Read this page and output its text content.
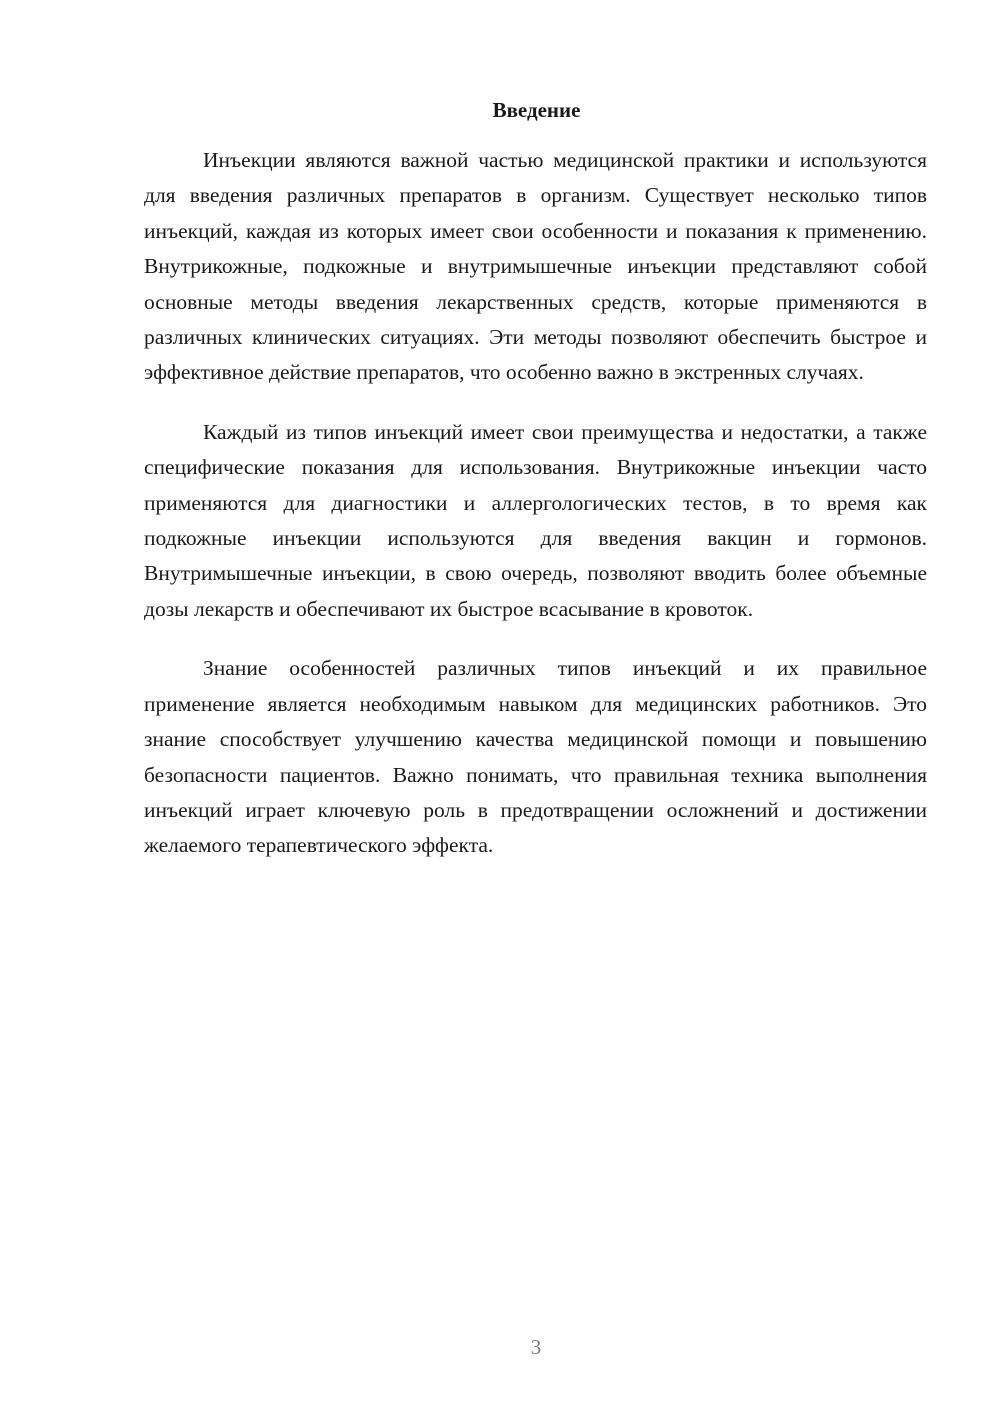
Введение

Инъекции являются важной частью медицинской практики и используются для введения различных препаратов в организм. Существует несколько типов инъекций, каждая из которых имеет свои особенности и показания к применению. Внутрикожные, подкожные и внутримышечные инъекции представляют собой основные методы введения лекарственных средств, которые применяются в различных клинических ситуациях. Эти методы позволяют обеспечить быстрое и эффективное действие препаратов, что особенно важно в экстренных случаях.

Каждый из типов инъекций имеет свои преимущества и недостатки, а также специфические показания для использования. Внутрикожные инъекции часто применяются для диагностики и аллергологических тестов, в то время как подкожные инъекции используются для введения вакцин и гормонов. Внутримышечные инъекции, в свою очередь, позволяют вводить более объемные дозы лекарств и обеспечивают их быстрое всасывание в кровоток.

Знание особенностей различных типов инъекций и их правильное применение является необходимым навыком для медицинских работников. Это знание способствует улучшению качества медицинской помощи и повышению безопасности пациентов. Важно понимать, что правильная техника выполнения инъекций играет ключевую роль в предотвращении осложнений и достижении желаемого терапевтического эффекта.

3
